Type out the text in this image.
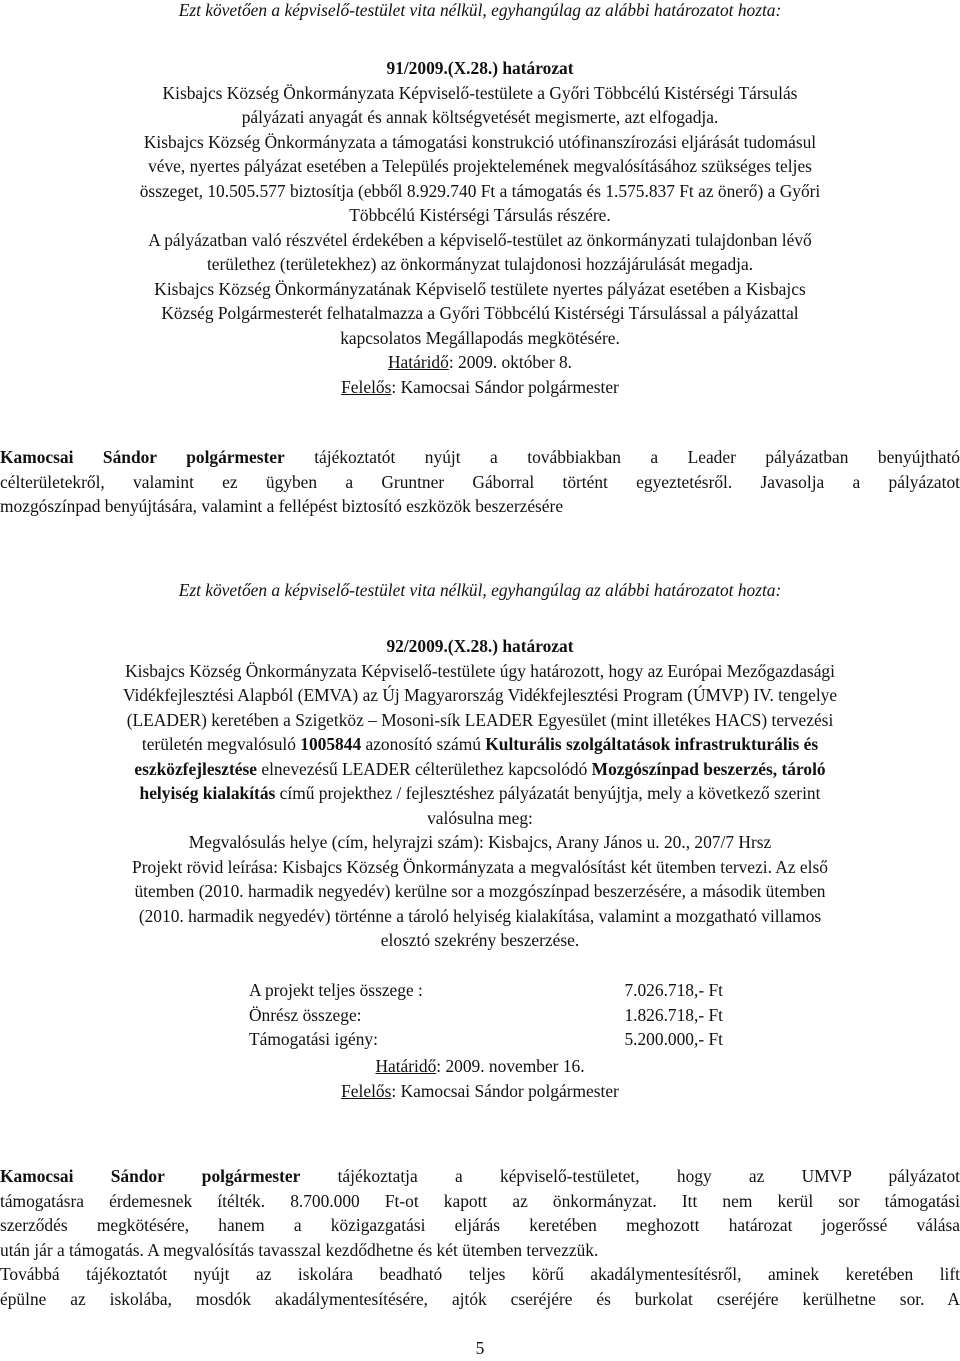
Ezt követően a képviselő-testület vita nélkül, egyhangúlag az alábbi határozatot hozta:
91/2009.(X.28.) határozat
Kisbajcs Község Önkormányzata Képviselő-testülete a Győri Többcélú Kistérségi Társulás
pályázati anyagát és annak költségvetését megismerte, azt elfogadja.
Kisbajcs Község Önkormányzata a támogatási konstrukció utófinanszírozási eljárását tudomásul
véve, nyertes pályázat esetében a Település projektelemének megvalósításához szükséges teljes
összeget, 10.505.577 biztosítja (ebből 8.929.740 Ft a támogatás és 1.575.837 Ft az önerő) a Győri
Többcélú Kistérségi Társulás részére.
A pályázatban való részvétel érdekében a képviselő-testület az önkormányzati tulajdonban lévő
területhez (területekhez) az önkormányzat tulajdonosi hozzájárulását megadja.
Kisbajcs Község Önkormányzatának Képviselő testülete nyertes pályázat esetében a Kisbajcs
Község Polgármesterét felhatalmazza a Győri Többcélú Kistérségi Társulással a pályázattal
kapcsolatos Megállapodás megkötésére.
Határidő: 2009. október 8.
Felelős: Kamocsai Sándor polgármester
Kamocsai Sándor polgármester tájékoztatót nyújt a továbbiakban a Leader pályázatban benyújtható
célterületekről, valamint ez ügyben a Gruntner Gáborral történt egyeztetésről. Javasolja a pályázatot
mozgószínpad benyújtására, valamint a fellépést biztosító eszközök beszerzésére
Ezt követően a képviselő-testület vita nélkül, egyhangúlag az alábbi határozatot hozta:
92/2009.(X.28.) határozat
Kisbajcs Község Önkormányzata Képviselő-testülete úgy határozott, hogy az Európai Mezőgazdasági
Vidékfejlesztési Alapból (EMVA) az Új Magyarország Vidékfejlesztési Program (ÚMVP) IV. tengelye
(LEADER) keretében a Szigetköz – Mosoni-sík LEADER Egyesület (mint illetékes HACS) tervezési
területén megvalósuló 1005844 azonosító számú Kulturális szolgáltatások infrastrukturális és
eszközfejlesztése elnevezésű LEADER célterülethez kapcsolódó Mozgószínpad beszerzés, tároló
helyiség kialakítás című projekthez / fejlesztéshez pályázatát benyújtja, mely a következő szerint
valósulna meg:
Megvalósulás helye (cím, helyrajzi szám): Kisbajcs, Arany János u. 20., 207/7 Hrsz
Projekt rövid leírása: Kisbajcs Község Önkormányzata a megvalósítást két ütemben tervezi. Az első
ütemben (2010. harmadik negyedév) kerülne sor a mozgószínpad beszerzésére, a második ütemben
(2010. harmadik negyedév) történne a tároló helyiség kialakítása, valamint a mozgatható villamos
elosztó szekrény beszerzése.
A projekt teljes összege :	7.026.718,- Ft
Önrész összege:	1.826.718,- Ft
Támogatási igény:	5.200.000,- Ft
Határidő: 2009. november 16.
Felelős: Kamocsai Sándor polgármester
Kamocsai Sándor polgármester tájékoztatja a képviselő-testületet, hogy az UMVP pályázatot
támogatásra érdemesnek ítélték. 8.700.000 Ft-ot kapott az önkormányzat. Itt nem kerül sor támogatási
szerződés megkötésére, hanem a közigazgatási eljárás keretében meghozott határozat jogerőssé válása
után jár a támogatás. A megvalósítás tavasszal kezdődhetne és két ütemben tervezzük.
Továbbá tájékoztatót nyújt az iskolára beadható teljes körű akadálymentesítésről, aminek keretében lift
épülne az iskolába, mosdók akadálymentesítésére, ajtók cseréjére és burkolat cseréjére kerülhetne sor. A
5
